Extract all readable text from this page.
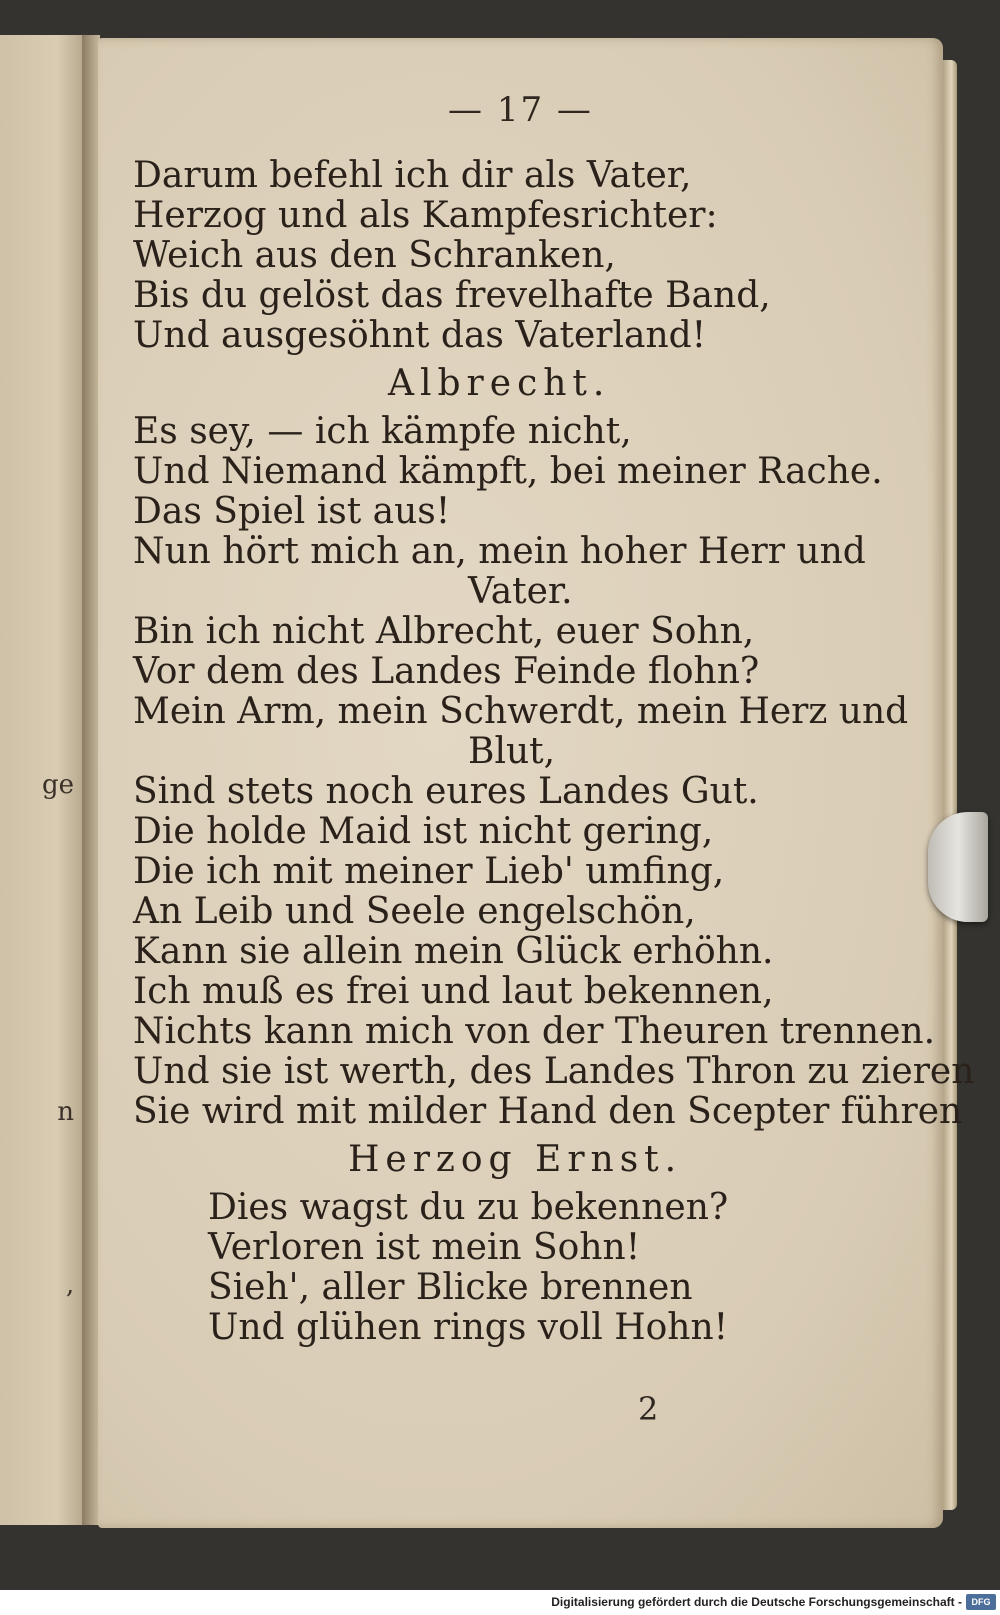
ge
n
‚
— 17 —
Darum befehl ich dir als Vater,
Herzog und als Kampfesrichter:
Weich aus den Schranken,
Bis du gelöst das frevelhafte Band,
Und ausgesöhnt das Vaterland!
Albrecht.
Es sey, — ich kämpfe nicht,
Und Niemand kämpft, bei meiner Rache.
Das Spiel ist aus!
Nun hört mich an, mein hoher Herr und
Vater.
Bin ich nicht Albrecht, euer Sohn,
Vor dem des Landes Feinde flohn?
Mein Arm, mein Schwerdt, mein Herz und
Blut,
Sind stets noch eures Landes Gut.
Die holde Maid ist nicht gering,
Die ich mit meiner Lieb' umfing,
An Leib und Seele engelschön,
Kann sie allein mein Glück erhöhn.
Ich muß es frei und laut bekennen,
Nichts kann mich von der Theuren trennen.
Und sie ist werth, des Landes Thron zu zieren
Sie wird mit milder Hand den Scepter führen
Herzog Ernst.
Dies wagst du zu bekennen?
Verloren ist mein Sohn!
Sieh', aller Blicke brennen
Und glühen rings voll Hohn!
2
Digitalisierung gefördert durch die Deutsche Forschungsgemeinschaft -	DFG
